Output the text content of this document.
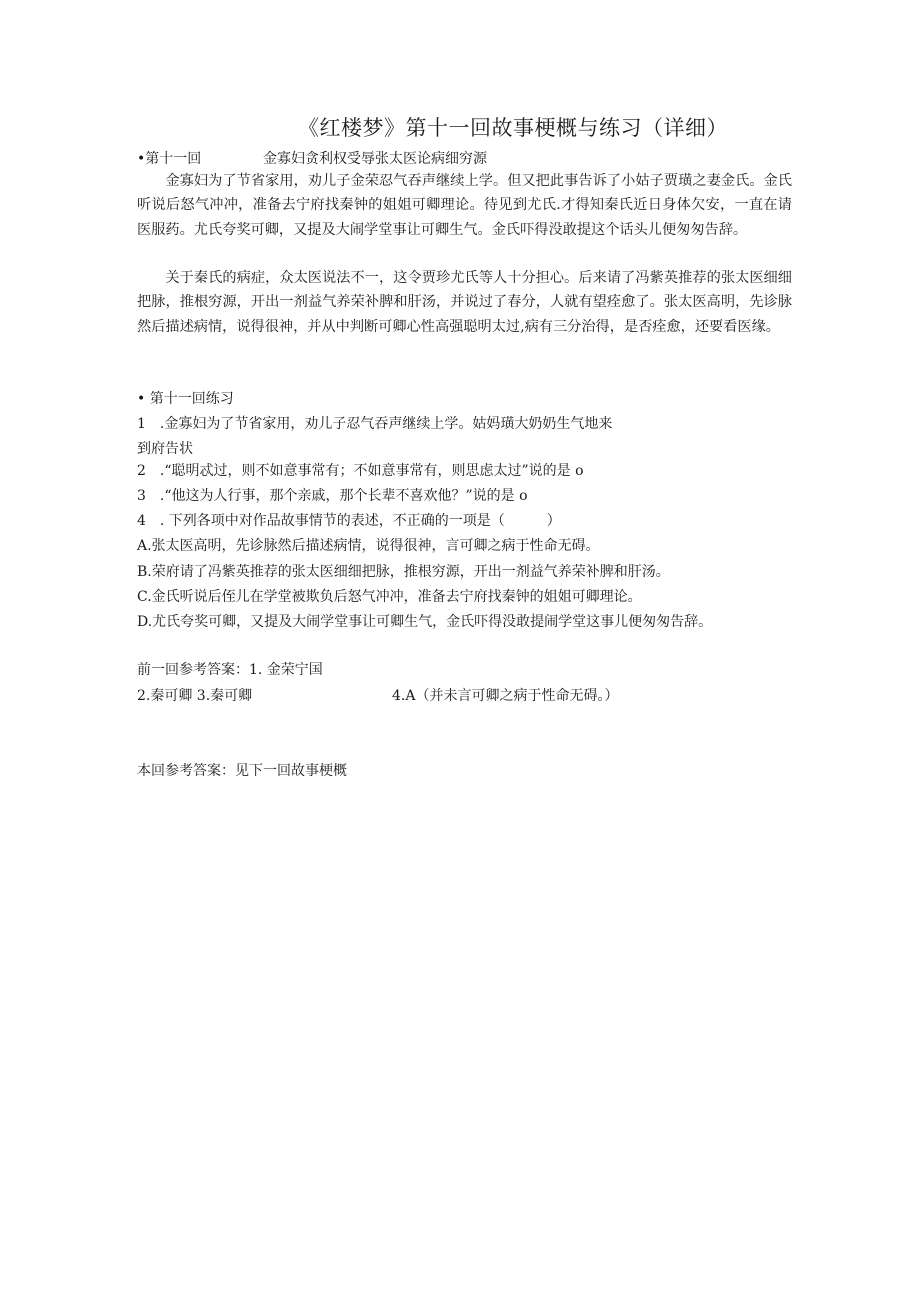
《红楼梦》第十一回故事梗概与练习（详细）
•第十一回	金寡妇贪利权受辱张太医论病细穷源

金寡妇为了节省家用，劝儿子金荣忍气吞声继续上学。但又把此事告诉了小姑子贾璜之妻金氏。金氏听说后怒气冲冲，准备去宁府找秦钟的姐姐可卿理论。待见到尤氏.才得知秦氏近日身体欠安，一直在请医服药。尤氏夸奖可卿，又提及大闹学堂事让可卿生气。金氏吓得没敢提这个话头儿便匆匆告辞。

关于秦氏的病症，众太医说法不一，这令贾珍尤氏等人十分担心。后来请了冯紫英推荐的张太医细细把脉，推根穷源，开出一剂益气养荣补脾和肝汤，并说过了春分，人就有望痊愈了。张太医高明，先诊脉然后描述病情，说得很神，并从中判断可卿心性高强聪明太过,病有三分治得，是否痊愈，还要看医缘。

• 第十一回练习
1　.金寡妇为了节省家用，劝儿子忍气吞声继续上学。姑妈璜大奶奶生气地来
到府告状
2　.“聪明忒过，则不如意事常有；不如意事常有，则思虑太过”说的是 o
3　.“他这为人行事，那个亲戚，那个长辈不喜欢他？”说的是 o
4　. 下列各项中对作品故事情节的表述，不正确的一项是（　　　）
A.张太医高明，先诊脉然后描述病情，说得很神，言可卿之病于性命无碍。
B.荣府请了冯紫英推荐的张太医细细把脉，推根穷源，开出一剂益气养荣补脾和肝汤。
C.金氏听说后侄儿在学堂被欺负后怒气冲冲，准备去宁府找秦钟的姐姐可卿理论。
D.尤氏夸奖可卿，又提及大闹学堂事让可卿生气，金氏吓得没敢提闹学堂这事儿便匆匆告辞。
前一回参考答案：1. 金荣宁国
2.秦可卿 3.秦可卿	4.A（并未言可卿之病于性命无碍。）
本回参考答案：见下一回故事梗概
